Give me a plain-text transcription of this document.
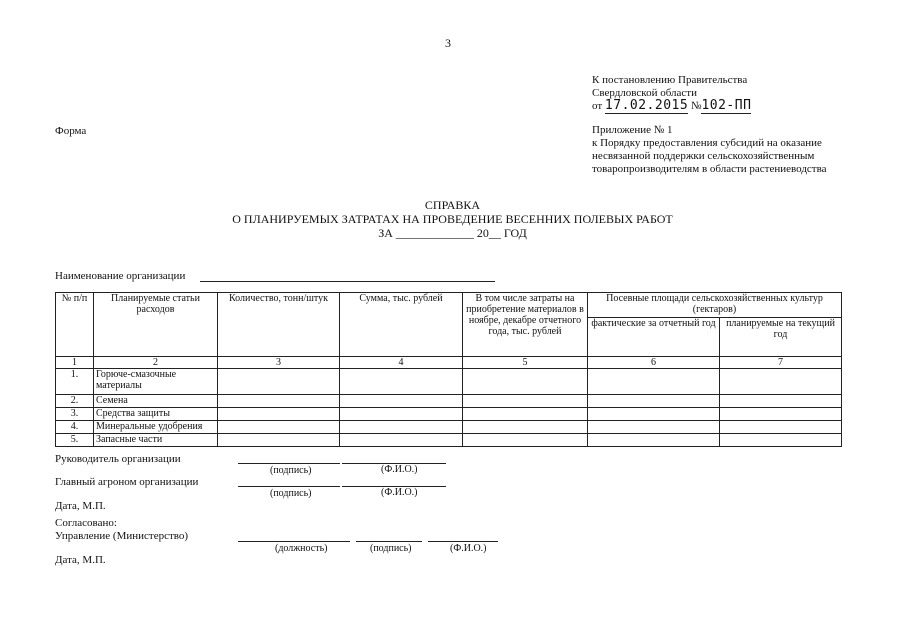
3
К постановлению Правительства
Свердловской области
от 17.02.2015 №102-ПП
Форма	Приложение № 1
к Порядку предоставления субсидий на оказание
несвязанной поддержки сельскохозяйственным
товаропроизводителям в области растениеводства
СПРАВКА
О ПЛАНИРУЕМЫХ ЗАТРАТАХ НА ПРОВЕДЕНИЕ ВЕСЕННИХ ПОЛЕВЫХ РАБОТ
ЗА _____________ 20__ ГОД
Наименование организации
№ п/п	Планируемые статьи расходов	Количество, тонн/штук	Сумма, тыс. рублей	В том числе затраты на приобретение материалов в ноябре, декабре отчетного года, тыс. рублей	Посевные площади сельскохозяйственных культур (гектаров)	
					фактические за отчетный год	планируемые на текущий год
1	2	3	4	5	6	7
1.	Горюче-смазочные материалы					
2.	Семена					
3.	Средства защиты					
4.	Минеральные удобрения					
5.	Запасные части					
Руководитель организации
(подпись)	(Ф.И.О.)
Главный агроном организации
(подпись)	(Ф.И.О.)
Дата, М.П.
Согласовано:
Управление (Министерство)
(должность)	(подпись)	(Ф.И.О.)
Дата, М.П.
